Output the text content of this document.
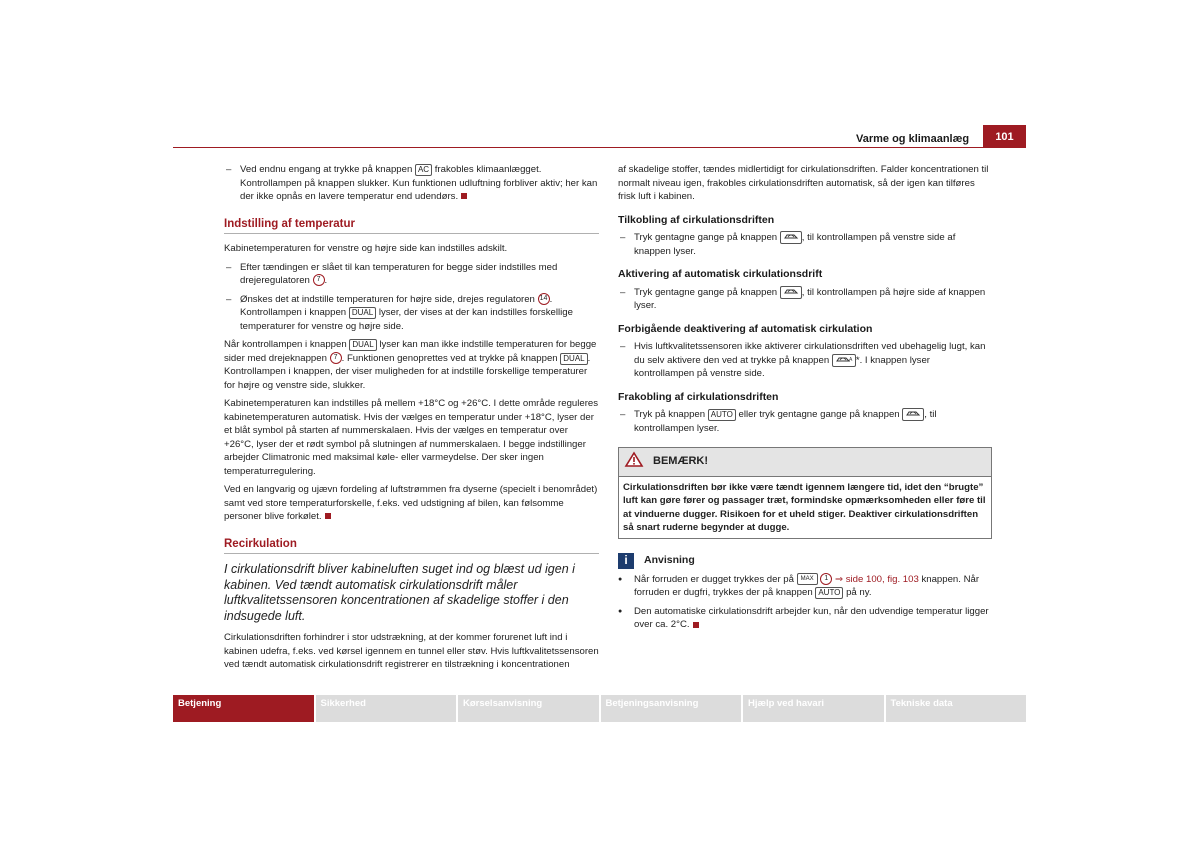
Varme og klimaanlæg	101
– Ved endnu engang at trykke på knappen AC frakobles klimaanlægget. Kontrollampen på knappen slukker. Kun funktionen udluftning forbliver aktiv; her kan der ikke opnås en lavere temperatur end udendørs.
Indstilling af temperatur

Kabinetemperaturen for venstre og højre side kan indstilles adskilt.

– Efter tændingen er slået til kan temperaturen for begge sider indstilles med drejeregulatoren 7 .
– Ønskes det at indstille temperaturen for højre side, drejes regulatoren 14 . Kontrollampen i knappen DUAL lyser, der vises at der kan indstilles forskellige temperaturer for venstre og højre side.

Når kontrollampen i knappen DUAL lyser kan man ikke indstille temperaturen for begge sider med drejeknappen 7 . Funktionen genoprettes ved at trykke på knappen DUAL . Kontrollampen i knappen, der viser muligheden for at indstille forskellige temperaturer for højre og venstre side, slukker.

Kabinetemperaturen kan indstilles på mellem +18°C og +26°C. I dette område reguleres kabinetemperaturen automatisk. Hvis der vælges en temperatur under +18°C, lyser der et blåt symbol på starten af nummerskalaen. Hvis der vælges en temperatur over +26°C, lyser der et rødt symbol på slutningen af nummerskalaen. I begge indstillinger arbejder Climatronic med maksimal køle- eller varmeydelse. Der sker ingen temperaturregulering.

Ved en langvarig og ujævn fordeling af luftstrømmen fra dyserne (specielt i benområdet) samt ved store temperaturforskelle, f.eks. ved udstigning af bilen, kan følsomme personer blive forkølet.

Recirkulation
I cirkulationsdrift bliver kabineluften suget ind og blæst ud igen i kabinen. Ved tændt automatisk cirkulationsdrift måler luftkvalitetssensoren koncentrationen af skadelige stoffer i den indsugede luft.

Cirkulationsdriften forhindrer i stor udstrækning, at der kommer forurenet luft ind i kabinen udefra, f.eks. ved kørsel igennem en tunnel eller støv. Hvis luftkvalitetssensoren ved tændt automatisk cirkulationsdrift registrerer en tilstrækning i koncentrationen

af skadelige stoffer, tændes midlertidigt for cirkulationsdriften. Falder koncentrationen til normalt niveau igen, frakobles cirkulationsdriften automatisk, så der igen kan tilføres frisk luft i kabinen.

Tilkobling af cirkulationsdriften
– Tryk gentagne gange på knappen , til kontrollampen på venstre side af knappen lyser.
Aktivering af automatisk cirkulationsdrift
– Tryk gentagne gange på knappen , til kontrollampen på højre side af knappen lyser.
Forbigående deaktivering af automatisk cirkulation
– Hvis luftkvalitetssensoren ikke aktiverer cirkulationsdriften ved ubehagelig lugt, kan du selv aktivere den ved at trykke på knappen	A *. I knappen lyser kontrollampen på venstre side.
Frakobling af cirkulationsdriften
– Tryk på knappen AUTO eller tryk gentagne gange på knappen , til kontrollampen lyser.
BEMÆRK!
Cirkulationsdriften bør ikke være tændt igennem længere tid, idet den “brugte” luft kan gøre fører og passager træt, formindske opmærksomheden eller føre til at vinduerne dugger. Risikoen for et uheld stiger. Deaktiver cirkulationsdriften så snart ruderne begynder at dugge.
i	Anvisning
● Når forruden er dugget trykkes der på MAX 1 ⇒ side 100, fig. 103 knappen. Når forruden er dugfri, trykkes der på knappen AUTO på ny.
● Den automatiske cirkulationsdrift arbejder kun, når den udvendige temperatur ligger over ca. 2°C.
Betjening	Sikkerhed	Kørselsanvisning	Betjeningsanvisning	Hjælp ved havari	Tekniske data
